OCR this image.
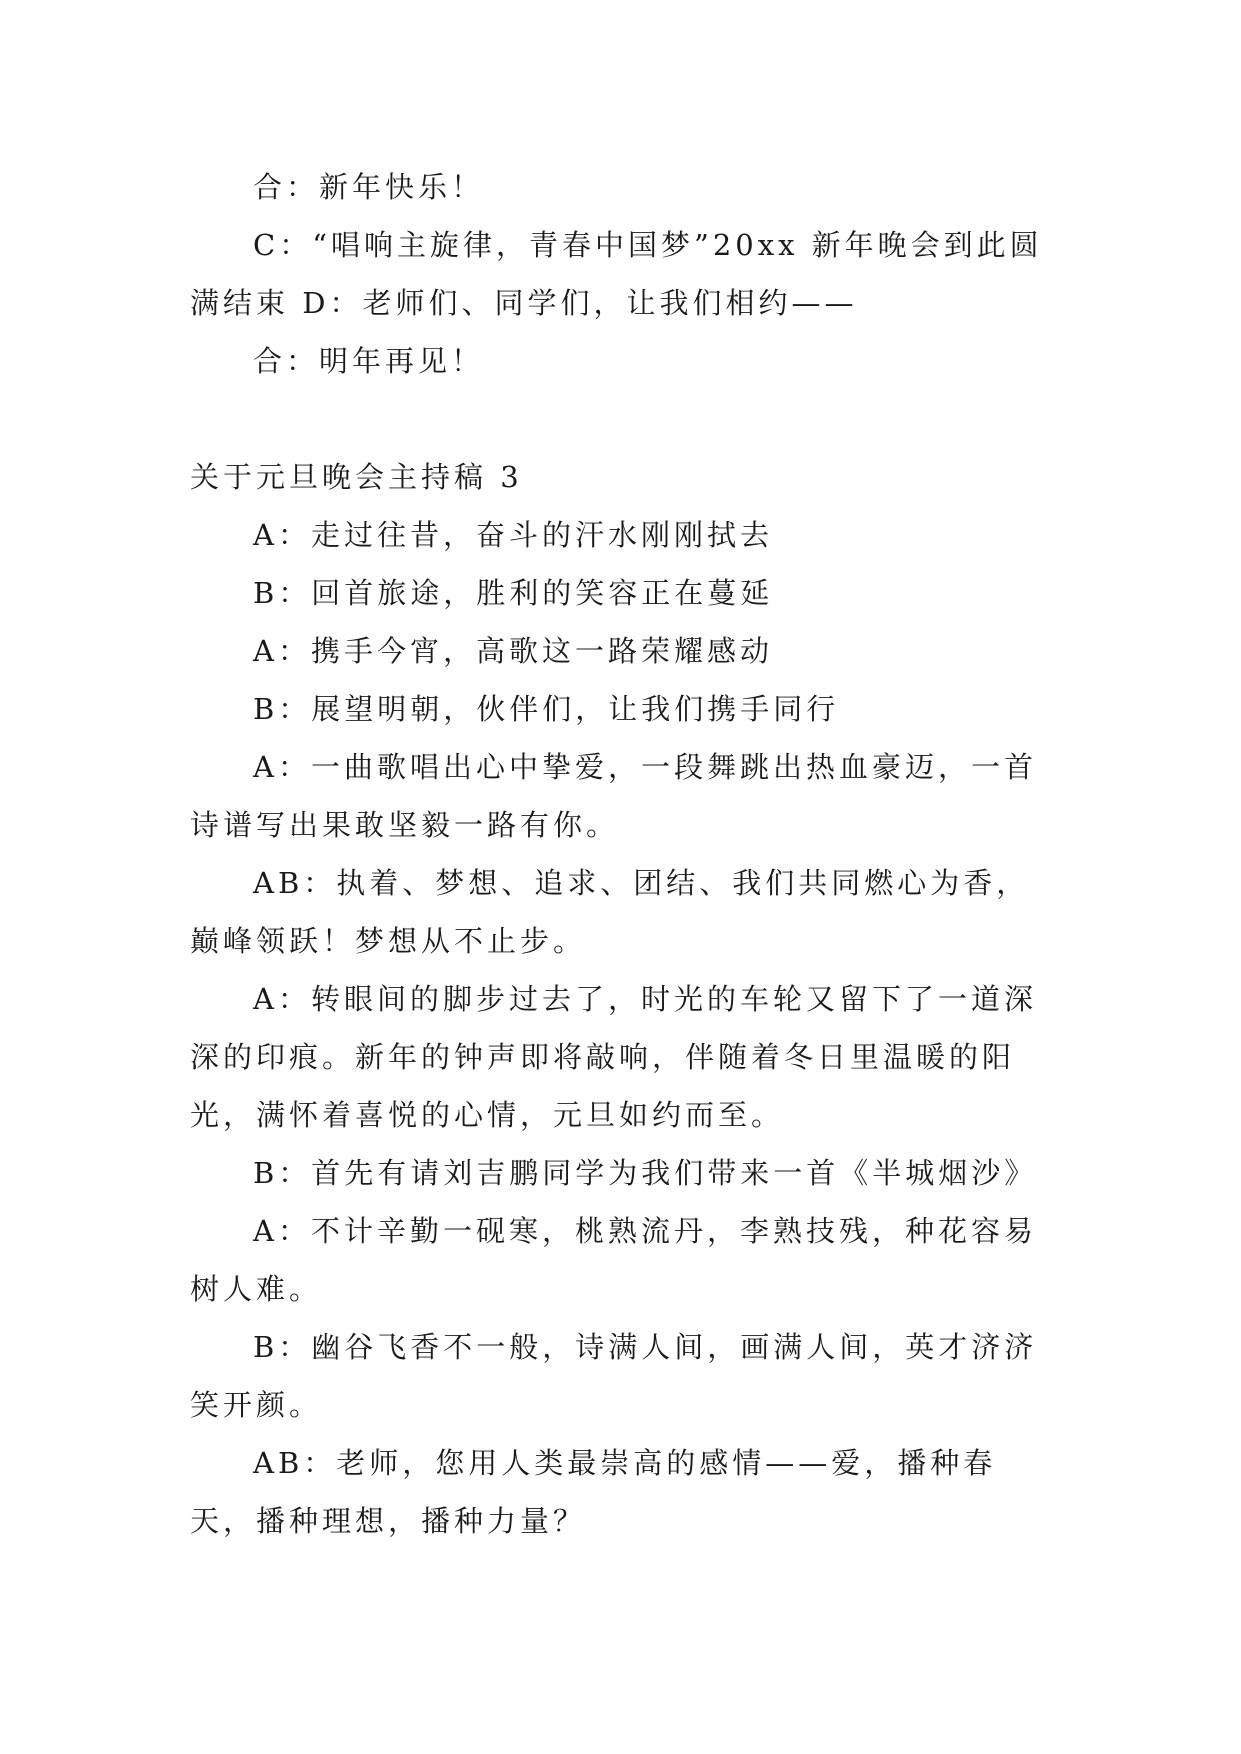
合：新年快乐！

C：“唱响主旋律，青春中国梦”20xx 新年晚会到此圆满结束 D：老师们、同学们，让我们相约——

合：明年再见！

关于元旦晚会主持稿 3

A：走过往昔，奋斗的汗水刚刚拭去

B：回首旅途，胜利的笑容正在蔓延

A：携手今宵，高歌这一路荣耀感动

B：展望明朝，伙伴们，让我们携手同行

A：一曲歌唱出心中挚爱，一段舞跳出热血豪迈，一首诗谱写出果敢坚毅一路有你。

AB：执着、梦想、追求、团结、我们共同燃心为香，巅峰领跃！梦想从不止步。

A：转眼间的脚步过去了，时光的车轮又留下了一道深深的印痕。新年的钟声即将敲响，伴随着冬日里温暖的阳光，满怀着喜悦的心情，元旦如约而至。

B：首先有请刘吉鹏同学为我们带来一首《半城烟沙》

A：不计辛勤一砚寒，桃熟流丹，李熟技残，种花容易树人难。

B：幽谷飞香不一般，诗满人间，画满人间，英才济济笑开颜。

AB：老师，您用人类最崇高的感情——爱，播种春天，播种理想，播种力量？
